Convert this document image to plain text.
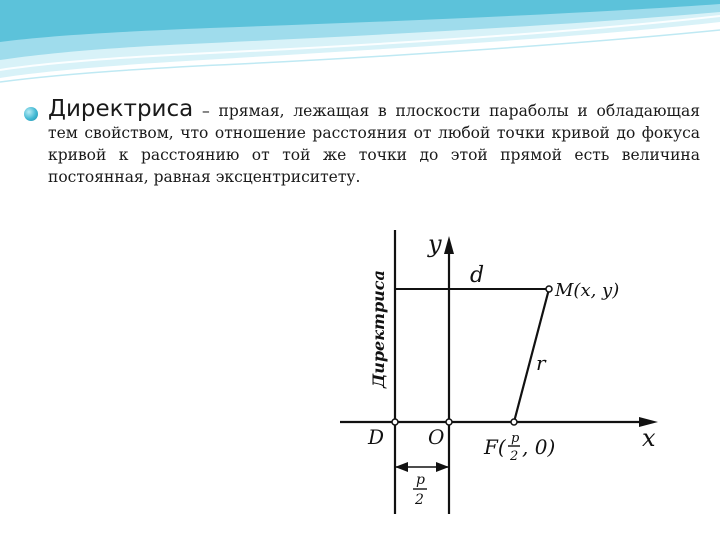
Директриса – прямая, лежащая в плоскости параболы и обладающая тем свойством, что отношение расстояния от любой точки кривой до фокуса кривой к расстоянию от той же точки до этой прямой есть величина постоянная, равная эксцентриситету.
y
x
Директриса	d
M(x, y)
r
D O F( p
2 , 0)
p
2
